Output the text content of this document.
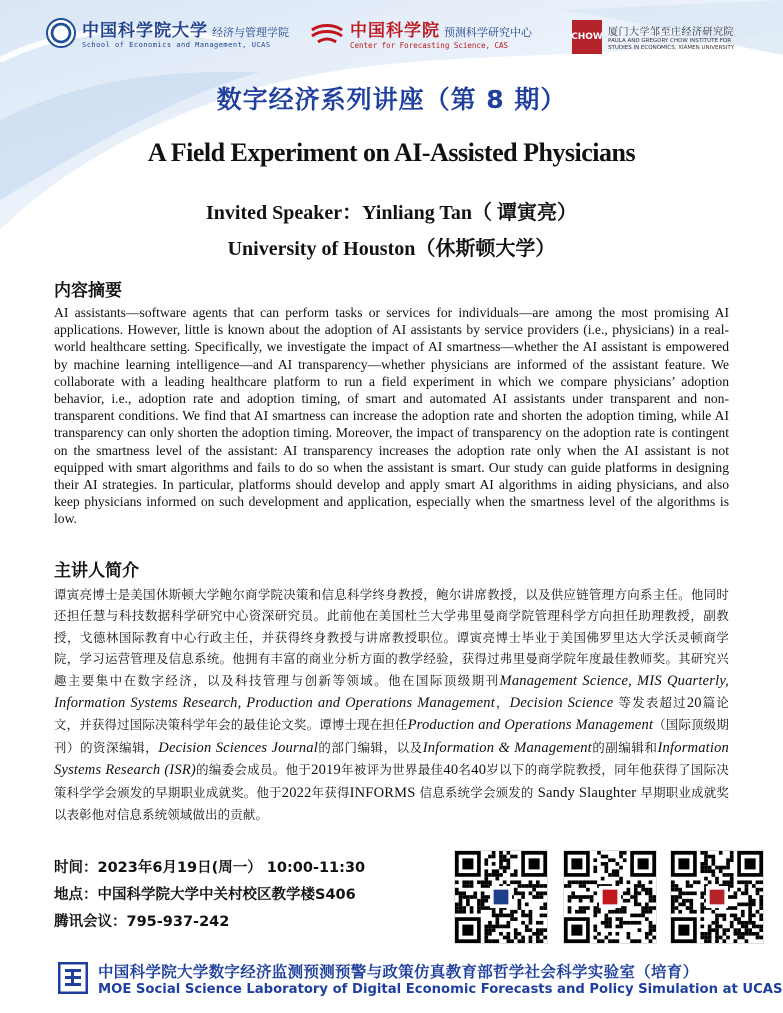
中国科学院大学 经济与管理学院
School of Economics and Management, UCAS
中国科学院 预测科学研究中心
Center for Forecasting Science, CAS
CHOW 厦门大学邹至庄经济研究院
PAULA AND GREGORY CHOW INSTITUTE FOR
STUDIES IN ECONOMICS, XIAMEN UNIVERSITY
数字经济系列讲座（第 8 期）
A Field Experiment on AI-Assisted Physicians
Invited Speaker：Yinliang Tan（ 谭寅亮）
University of Houston（休斯顿大学）
内容摘要
AI assistants—software agents that can perform tasks or services for individuals—are among the most promising AI applications. However, little is known about the adoption of AI assistants by service providers (i.e., physicians) in a real-world healthcare setting. Specifically, we investigate the impact of AI smartness—whether the AI assistant is empowered by machine learning intelligence—and AI transparency—whether physicians are informed of the assistant feature. We collaborate with a leading healthcare platform to run a field experiment in which we compare physicians’ adoption behavior, i.e., adoption rate and adoption timing, of smart and automated AI assistants under transparent and non-transparent conditions. We find that AI smartness can increase the adoption rate and shorten the adoption timing, while AI transparency can only shorten the adoption timing. Moreover, the impact of transparency on the adoption rate is contingent on the smartness level of the assistant: AI transparency increases the adoption rate only when the AI assistant is not equipped with smart algorithms and fails to do so when the assistant is smart. Our study can guide platforms in designing their AI strategies. In particular, platforms should develop and apply smart AI algorithms in aiding physicians, and also keep physicians informed on such development and application, especially when the smartness level of the algorithms is low.
主讲人简介
谭寅亮博士是美国休斯顿大学鲍尔商学院决策和信息科学终身教授，鲍尔讲席教授，以及供应链管理方向系主任。他同时还担任慧与科技数据科学研究中心资深研究员。此前他在美国杜兰大学弗里曼商学院管理科学方向担任助理教授，副教授，戈德林国际教育中心行政主任，并获得终身教授与讲席教授职位。谭寅亮博士毕业于美国佛罗里达大学沃灵顿商学院，学习运营管理及信息系统。他拥有丰富的商业分析方面的教学经验，获得过弗里曼商学院年度最佳教师奖。其研究兴趣主要集中在数字经济，以及科技管理与创新等领域。他在国际顶级期刊Management Science, MIS Quarterly, Information Systems Research, Production and Operations Management，Decision Science 等发表超过20篇论文，并获得过国际决策科学年会的最佳论文奖。谭博士现在担任Production and Operations Management（国际顶级期刊）的资深编辑，Decision Sciences Journal的部门编辑，以及Information & Management的副编辑和Information Systems Research (ISR)的编委会成员。他于2019年被评为世界最佳40名40岁以下的商学院教授，同年他获得了国际决策科学学会颁发的早期职业成就奖。他于2022年获得INFORMS 信息系统学会颁发的 Sandy Slaughter 早期职业成就奖以表彰他对信息系统领域做出的贡献。
时间：2023年6月19日(周一） 10:00-11:30
地点：中国科学院大学中关村校区教学楼S406
腾讯会议：795-937-242
中国科学院大学数字经济监测预测预警与政策仿真教育部哲学社会科学实验室（培育）
MOE Social Science Laboratory of Digital Economic Forecasts and Policy Simulation at UCAS
